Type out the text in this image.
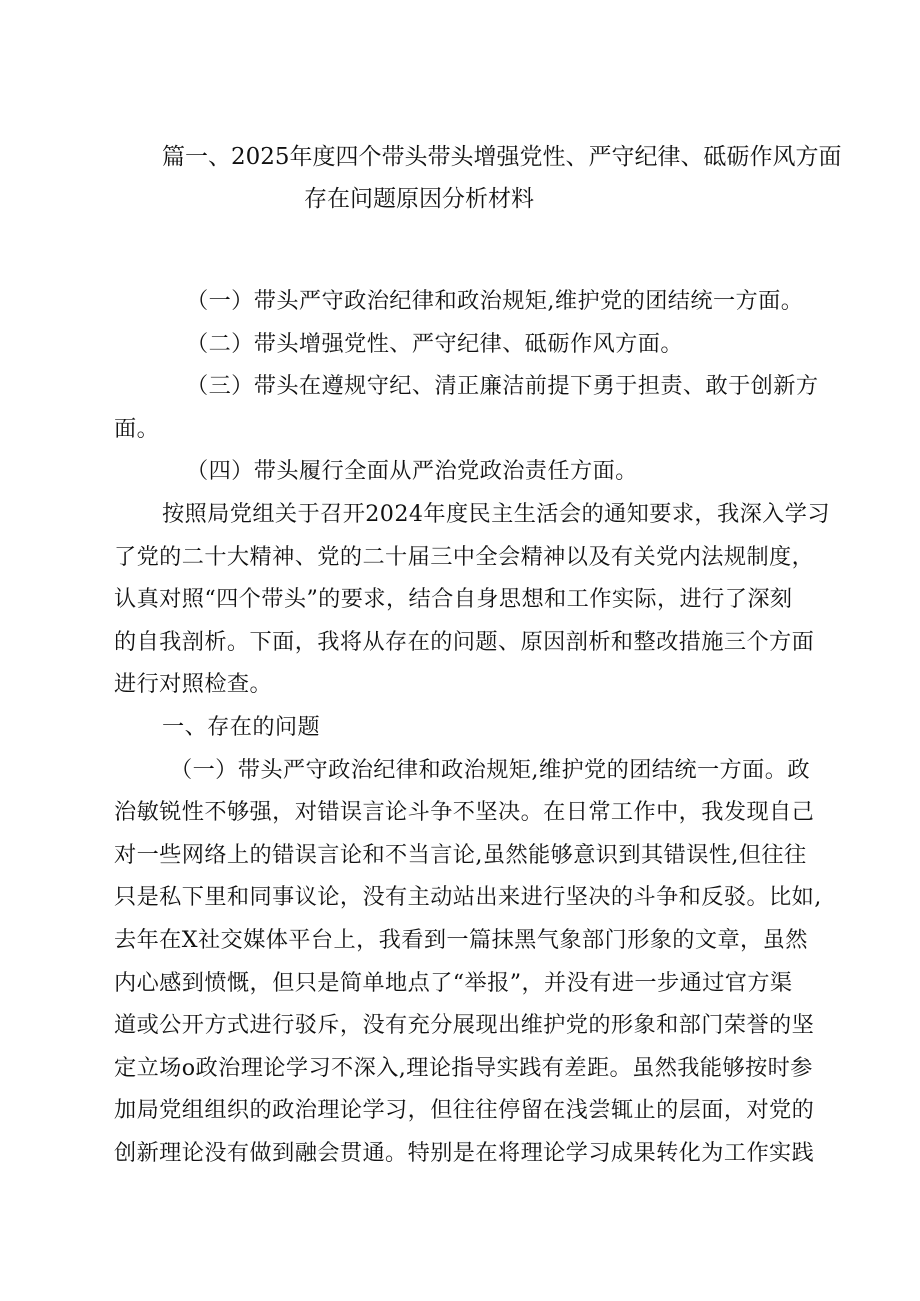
篇一、2025年度四个带头带头增强党性、严守纪律、砥砺作风方面
存在问题原因分析材料
（一）带头严守政治纪律和政治规矩,维护党的团结统一方面。
（二）带头增强党性、严守纪律、砥砺作风方面。
（三）带头在遵规守纪、清正廉洁前提下勇于担责、敢于创新方
面。
（四）带头履行全面从严治党政治责任方面。
按照局党组关于召开2024年度民主生活会的通知要求，我深入学习
了党的二十大精神、党的二十届三中全会精神以及有关党内法规制度，
认真对照“四个带头”的要求，结合自身思想和工作实际，进行了深刻
的自我剖析。下面，我将从存在的问题、原因剖析和整改措施三个方面
进行对照检查。
一、存在的问题
（一）带头严守政治纪律和政治规矩,维护党的团结统一方面。政
治敏锐性不够强，对错误言论斗争不坚决。在日常工作中，我发现自己
对一些网络上的错误言论和不当言论,虽然能够意识到其错误性,但往往
只是私下里和同事议论，没有主动站出来进行坚决的斗争和反驳。比如,
去年在X社交媒体平台上，我看到一篇抹黑气象部门形象的文章，虽然
内心感到愤慨，但只是简单地点了“举报”，并没有进一步通过官方渠
道或公开方式进行驳斥，没有充分展现出维护党的形象和部门荣誉的坚
定立场o政治理论学习不深入,理论指导实践有差距。虽然我能够按时参
加局党组组织的政治理论学习，但往往停留在浅尝辄止的层面，对党的
创新理论没有做到融会贯通。特别是在将理论学习成果转化为工作实践
